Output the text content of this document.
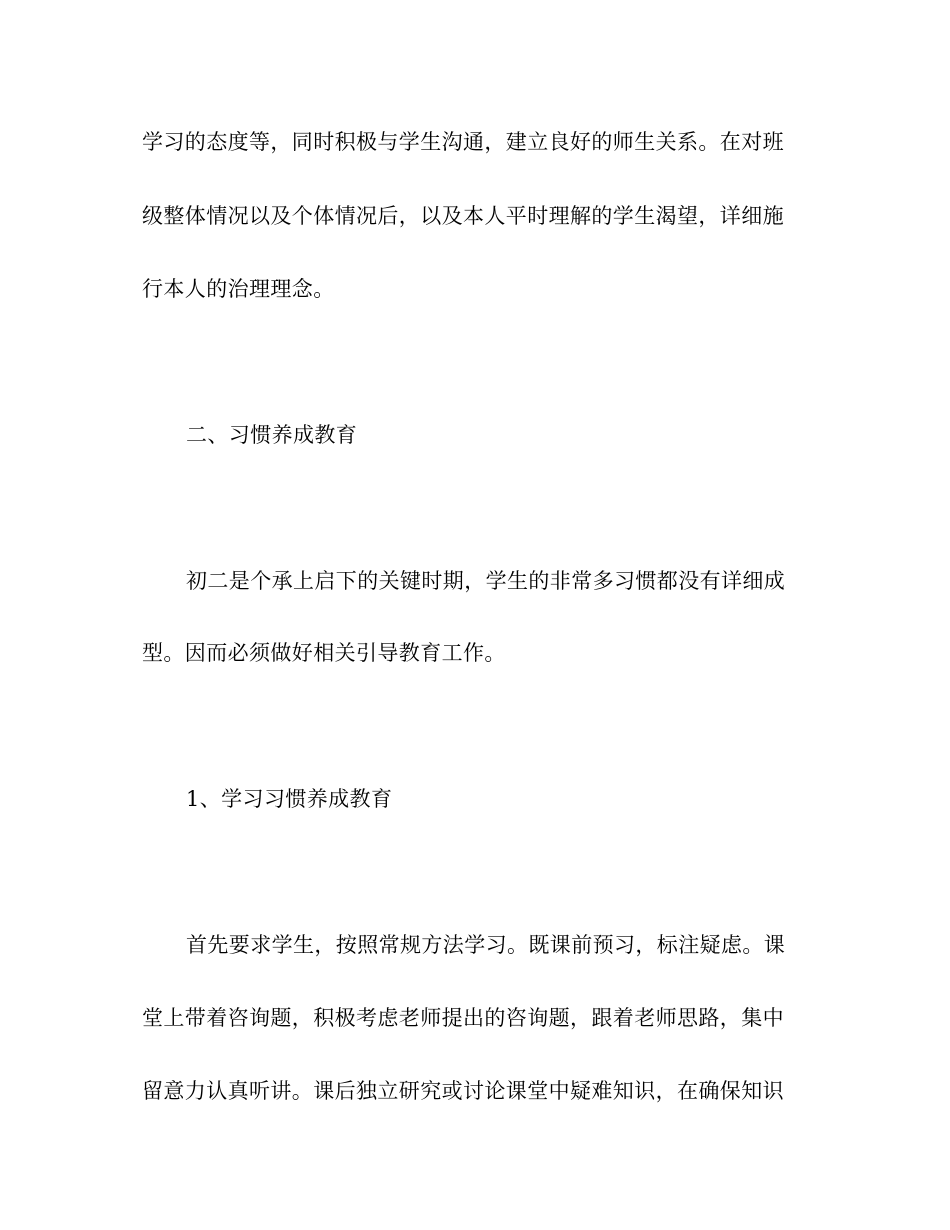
学习的态度等，同时积极与学生沟通，建立良好的师生关系。在对班
级整体情况以及个体情况后，以及本人平时理解的学生渴望，详细施
行本人的治理理念。
二、习惯养成教育
初二是个承上启下的关键时期，学生的非常多习惯都没有详细成
型。因而必须做好相关引导教育工作。
1、学习习惯养成教育
首先要求学生，按照常规方法学习。既课前预习，标注疑虑。课
堂上带着咨询题，积极考虑老师提出的咨询题，跟着老师思路，集中
留意力认真听讲。课后独立研究或讨论课堂中疑难知识，在确保知识
